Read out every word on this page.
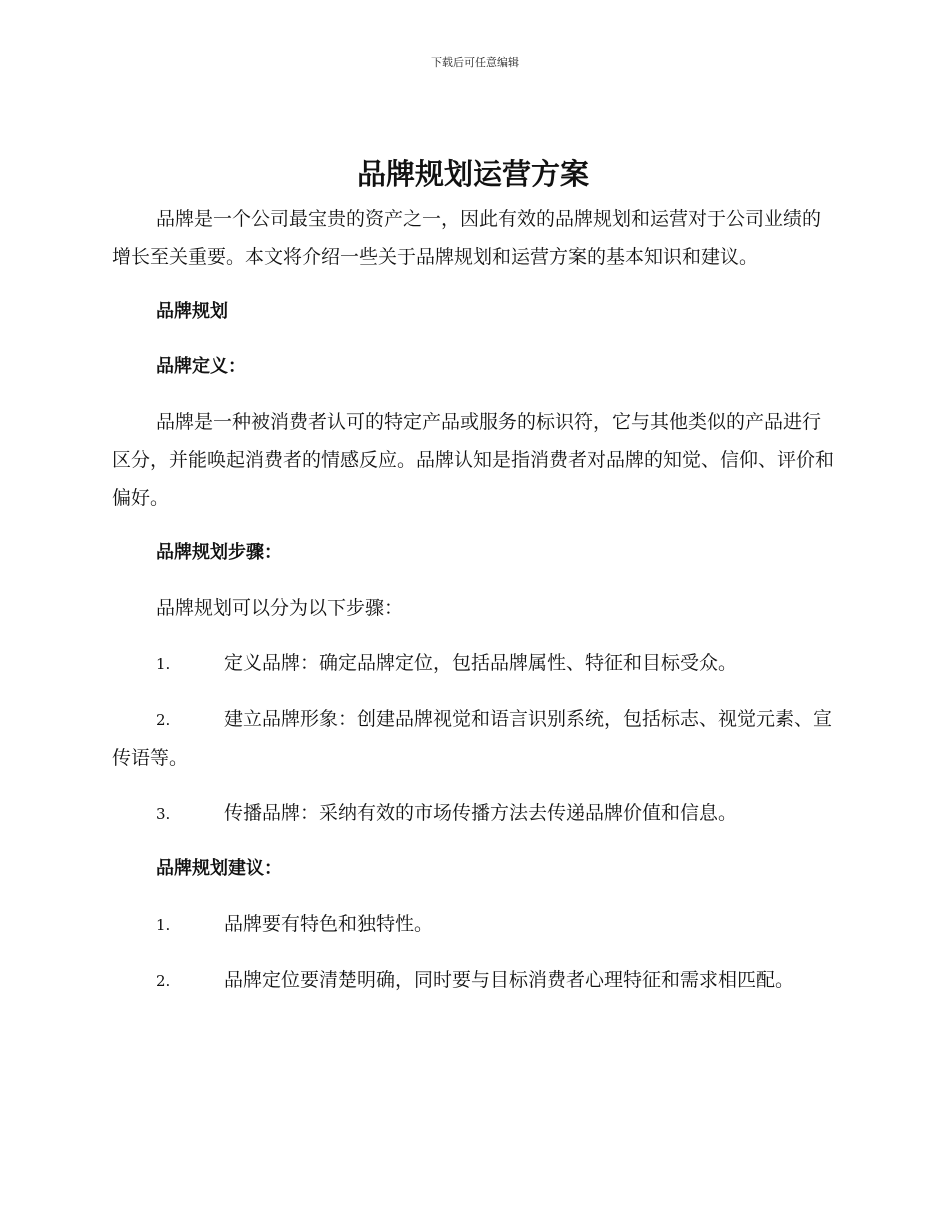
下载后可任意编辑
品牌规划运营方案

品牌是一个公司最宝贵的资产之一，因此有效的品牌规划和运营对于公司业绩的增长至关重要。本文将介绍一些关于品牌规划和运营方案的基本知识和建议。

品牌规划

品牌定义：

品牌是一种被消费者认可的特定产品或服务的标识符，它与其他类似的产品进行区分，并能唤起消费者的情感反应。品牌认知是指消费者对品牌的知觉、信仰、评价和偏好。

品牌规划步骤：

品牌规划可以分为以下步骤：

1.	定义品牌：确定品牌定位，包括品牌属性、特征和目标受众。

2.	建立品牌形象：创建品牌视觉和语言识别系统，包括标志、视觉元素、宣传语等。

3.	传播品牌：采纳有效的市场传播方法去传递品牌价值和信息。

品牌规划建议：

1.	品牌要有特色和独特性。

2.	品牌定位要清楚明确，同时要与目标消费者心理特征和需求相匹配。
